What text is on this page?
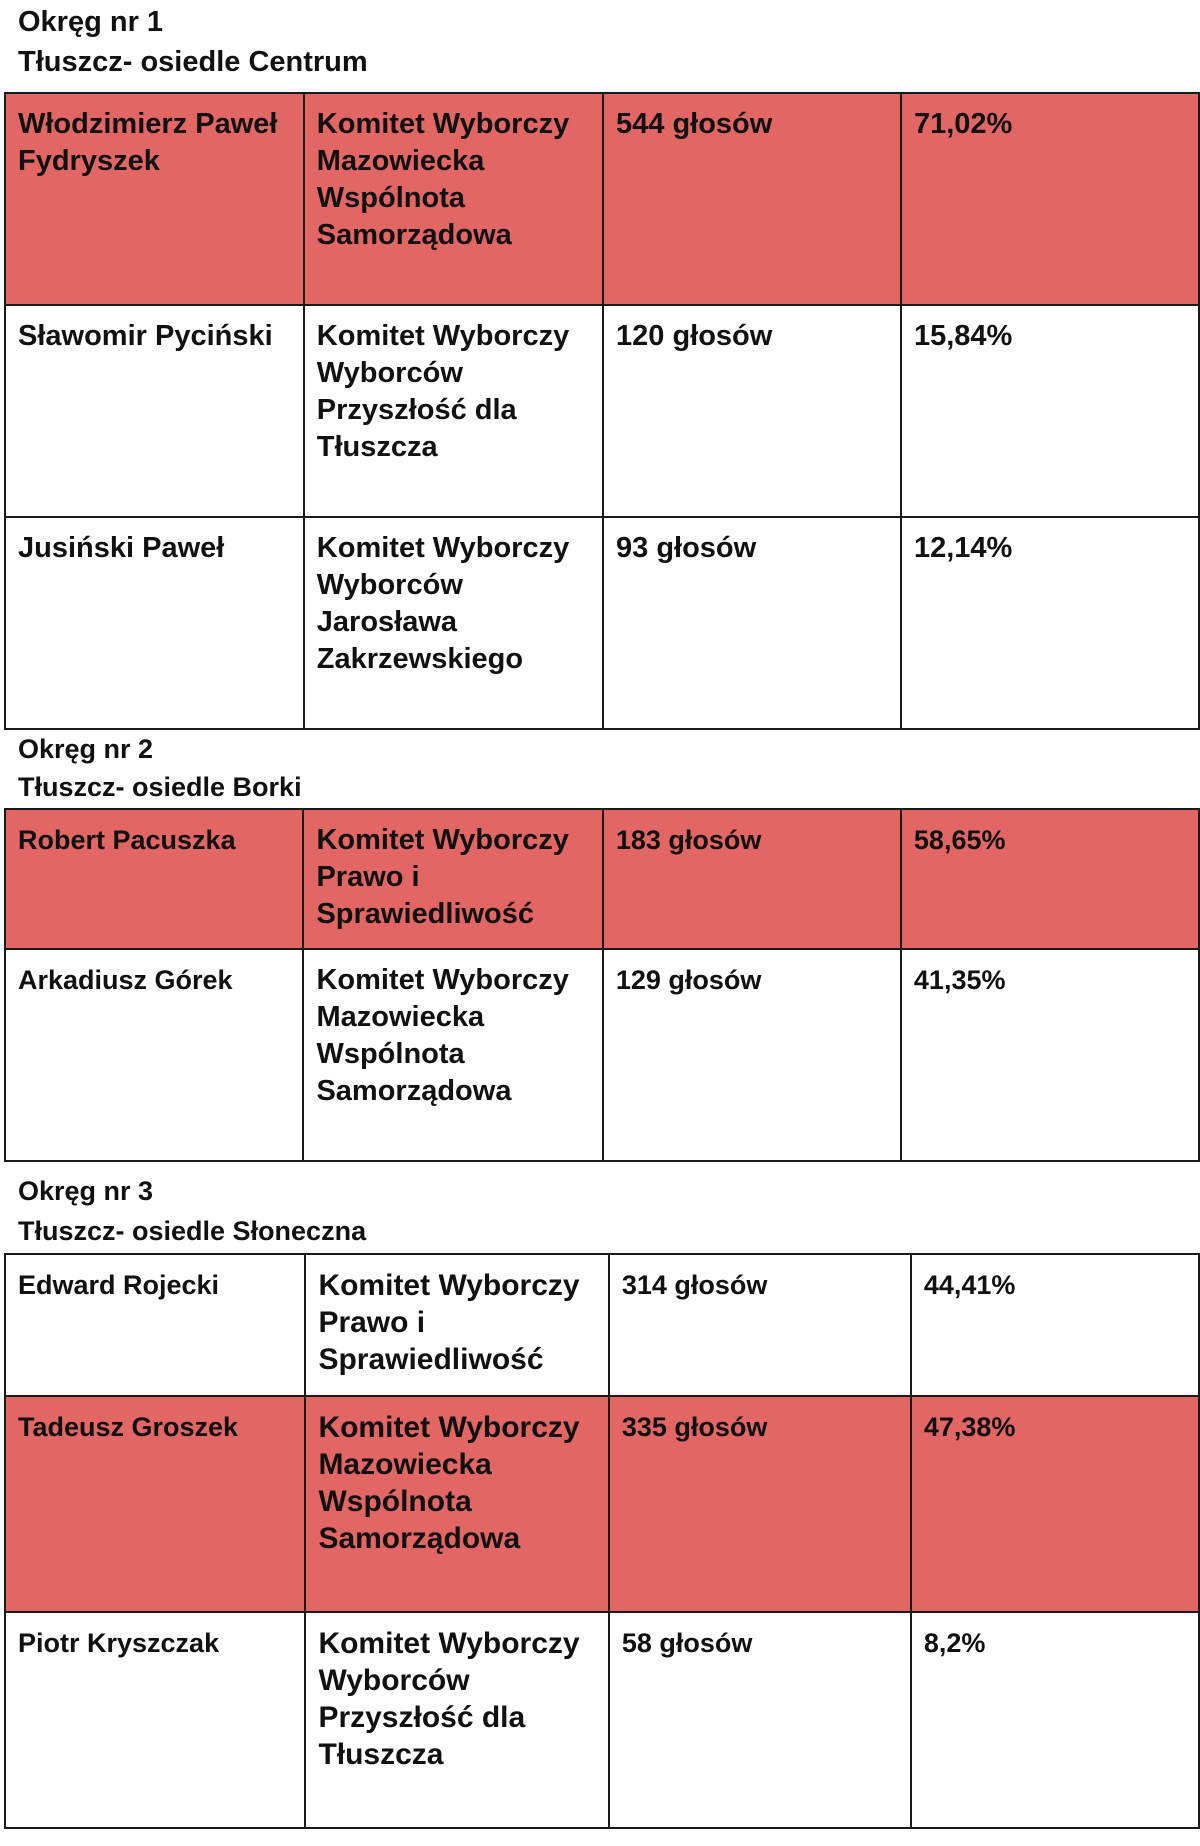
Okręg nr 1
Tłuszcz- osiedle Centrum
Włodzimierz Paweł Fydryszek	Komitet Wyborczy Mazowiecka Wspólnota Samorządowa	544 głosów	71,02%
Sławomir Pyciński	Komitet Wyborczy Wyborców Przyszłość dla Tłuszcza	120 głosów	15,84%
Jusiński Paweł	Komitet Wyborczy Wyborców Jarosława Zakrzewskiego	93 głosów	12,14%
Okręg nr 2
Tłuszcz- osiedle Borki
Robert Pacuszka	Komitet Wyborczy Prawo i Sprawiedliwość	183 głosów	58,65%
Arkadiusz Górek	Komitet Wyborczy Mazowiecka Wspólnota Samorządowa	129 głosów	41,35%
Okręg nr 3
Tłuszcz- osiedle Słoneczna
Edward Rojecki	Komitet Wyborczy Prawo i Sprawiedliwość	314 głosów	44,41%
Tadeusz Groszek	Komitet Wyborczy Mazowiecka Wspólnota Samorządowa	335 głosów	47,38%
Piotr Kryszczak	Komitet Wyborczy Wyborców Przyszłość dla Tłuszcza	58 głosów	8,2%
